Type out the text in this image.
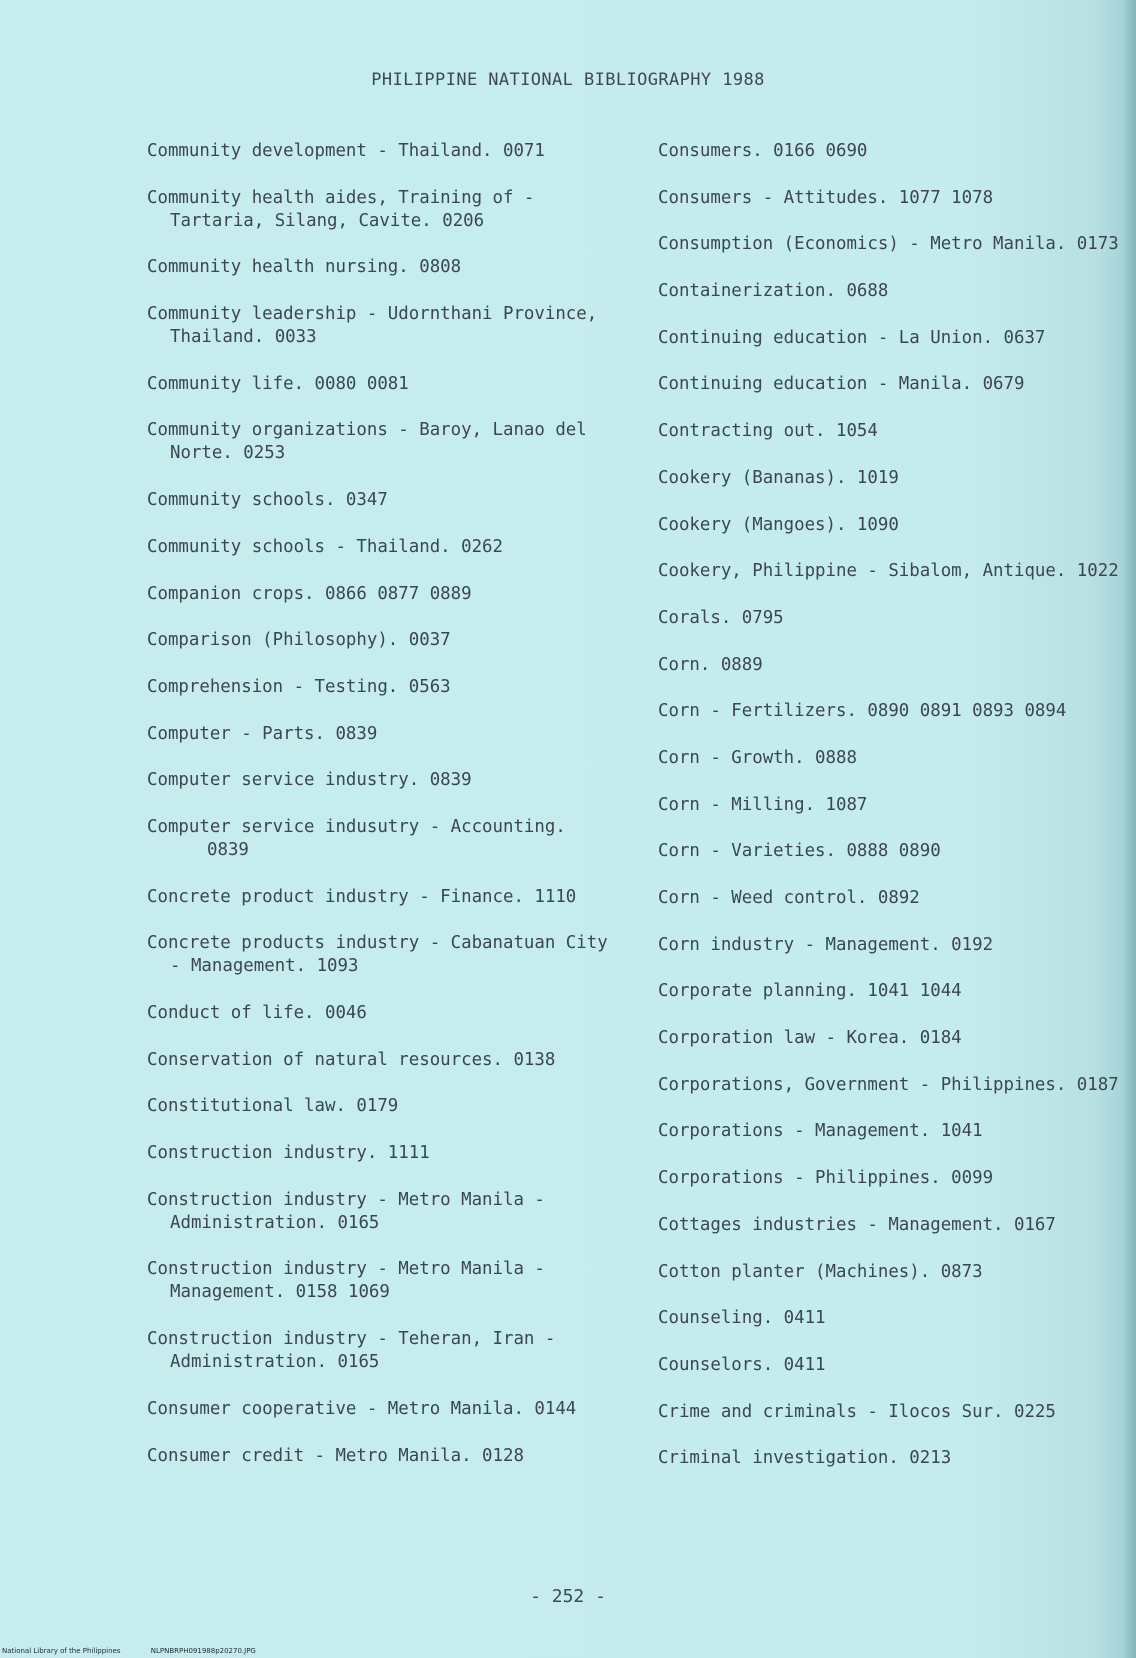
PHILIPPINE NATIONAL BIBLIOGRAPHY 1988
Community development - Thailand. 0071
Community health aides, Training of - Tartaria, Silang, Cavite. 0206
Community health nursing. 0808
Community leadership - Udornthani Province, Thailand. 0033
Community life. 0080 0081
Community organizations - Baroy, Lanao del Norte. 0253
Community schools. 0347
Community schools - Thailand. 0262
Companion crops. 0866 0877 0889
Comparison (Philosophy). 0037
Comprehension - Testing. 0563
Computer - Parts. 0839
Computer service industry. 0839
Computer service indusutry - Accounting. 0839
Concrete product industry - Finance. 1110
Concrete products industry - Cabanatuan City - Management. 1093
Conduct of life. 0046
Conservation of natural resources. 0138
Constitutional law. 0179
Construction industry. 1111
Construction industry - Metro Manila - Administration. 0165
Construction industry - Metro Manila - Management. 0158 1069
Construction industry - Teheran, Iran - Administration. 0165
Consumer cooperative - Metro Manila. 0144
Consumer credit - Metro Manila. 0128
Consumers. 0166 0690
Consumers - Attitudes. 1077 1078
Consumption (Economics) - Metro Manila. 0173
Containerization. 0688
Continuing education - La Union. 0637
Continuing education - Manila. 0679
Contracting out. 1054
Cookery (Bananas). 1019
Cookery (Mangoes). 1090
Cookery, Philippine - Sibalom, Antique. 1022
Corals. 0795
Corn. 0889
Corn - Fertilizers. 0890 0891 0893 0894
Corn - Growth. 0888
Corn - Milling. 1087
Corn - Varieties. 0888 0890
Corn - Weed control. 0892
Corn industry - Management. 0192
Corporate planning. 1041 1044
Corporation law - Korea. 0184
Corporations, Government - Philippines. 0187
Corporations - Management. 1041
Corporations - Philippines. 0099
Cottages industries - Management. 0167
Cotton planter (Machines). 0873
Counseling. 0411
Counselors. 0411
Crime and criminals - Ilocos Sur. 0225
Criminal investigation. 0213
- 252 -
National Library of the Philippines	NLPNBRPH091988p20270.JPG
